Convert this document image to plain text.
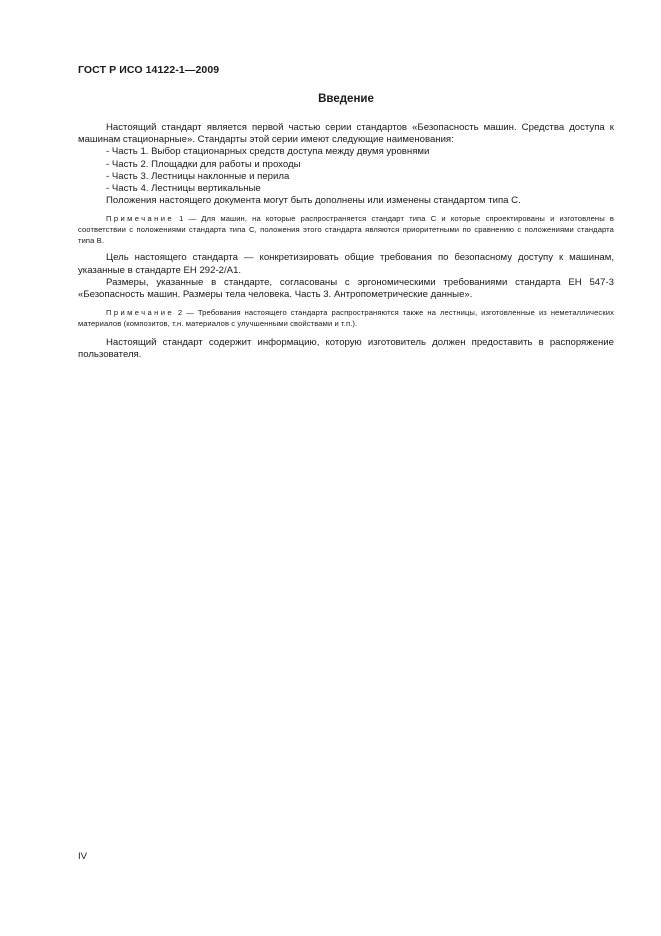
ГОСТ Р ИСО 14122-1—2009
Введение

Настоящий стандарт является первой частью серии стандартов «Безопасность машин. Средства доступа к машинам стационарные». Стандарты этой серии имеют следующие наименования:

- Часть 1. Выбор стационарных средств доступа между двумя уровнями

- Часть 2. Площадки для работы и проходы

- Часть 3. Лестницы наклонные и перила

- Часть 4. Лестницы вертикальные

Положения настоящего документа могут быть дополнены или изменены стандартом типа С.

Примечание 1 — Для машин, на которые распространяется стандарт типа С и которые спроектированы и изготовлены в соответствии с положениями стандарта типа С, положения этого стандарта являются приоритетными по сравнению с положениями стандарта типа В.

Цель настоящего стандарта — конкретизировать общие требования по безопасному доступу к машинам, указанные в стандарте ЕН 292-2/А1.

Размеры, указанные в стандарте, согласованы с эргономическими требованиями стандарта ЕН 547-3 «Безопасность машин. Размеры тела человека. Часть 3. Антропометрические данные».

Примечание 2 — Требования настоящего стандарта распространяются также на лестницы, изготовленные из неметаллических материалов (композитов, т.н. материалов с улучшенными свойствами и т.п.).

Настоящий стандарт содержит информацию, которую изготовитель должен предоставить в распоряжение пользователя.

IV
